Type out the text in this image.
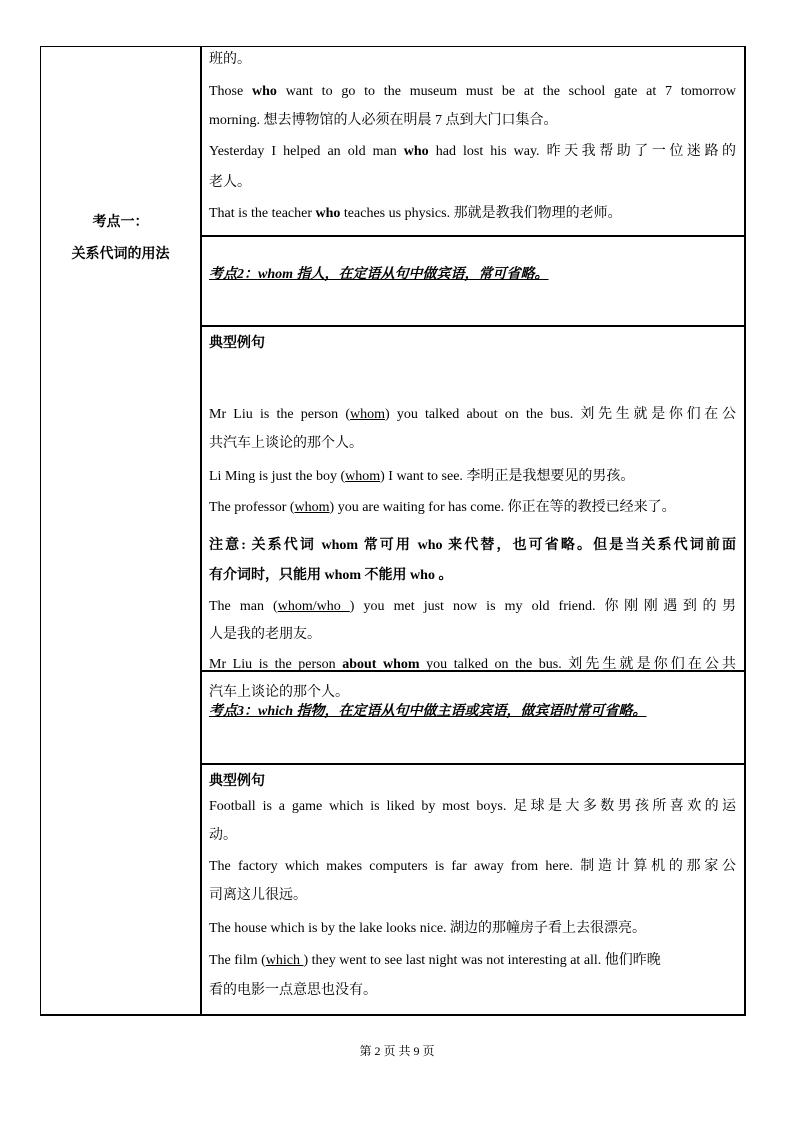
考点一：
关系代词的用法
班的。
Those who want to go to the museum must be at the school gate at 7 tomorrow
morning. 想去博物馆的人必须在明晨 7 点到大门口集合。
Yesterday I helped an old man who had lost his way. 昨天我帮助了一位迷路的
老人。
That is the teacher who teaches us physics. 那就是教我们物理的老师。
考点2：whom 指人，在定语从句中做宾语，常可省略。
典型例句
注意: 关系代词 whom 常可用 who 来代替，也可省略。但是当关系代词前面
有介词时，只能用 whom 不能用 who 。
Mr Liu is the person (whom) you talked about on the bus. 刘先生就是你们在公
共汽车上谈论的那个人。
Li Ming is just the boy (whom) I want to see. 李明正是我想要见的男孩。
The professor (whom) you are waiting for has come. 你正在等的教授已经来了。
The man (whom/who ) you met just now is my old friend. 你刚刚遇到的男
人是我的老朋友。
Mr Liu is the person about whom you talked on the bus. 刘先生就是你们在公共
汽车上谈论的那个人。
考点3：which 指物，在定语从句中做主语或宾语，做宾语时常可省略。
典型例句
Football is a game which is liked by most boys. 足球是大多数男孩所喜欢的运
动。
The factory which makes computers is far away from here. 制造计算机的那家公
司离这儿很远。
The house which is by the lake looks nice. 湖边的那幢房子看上去很漂亮。
The film (which ) they went to see last night was not interesting at all. 他们昨晚
看的电影一点意思也没有。
第 2 页 共 9 页
